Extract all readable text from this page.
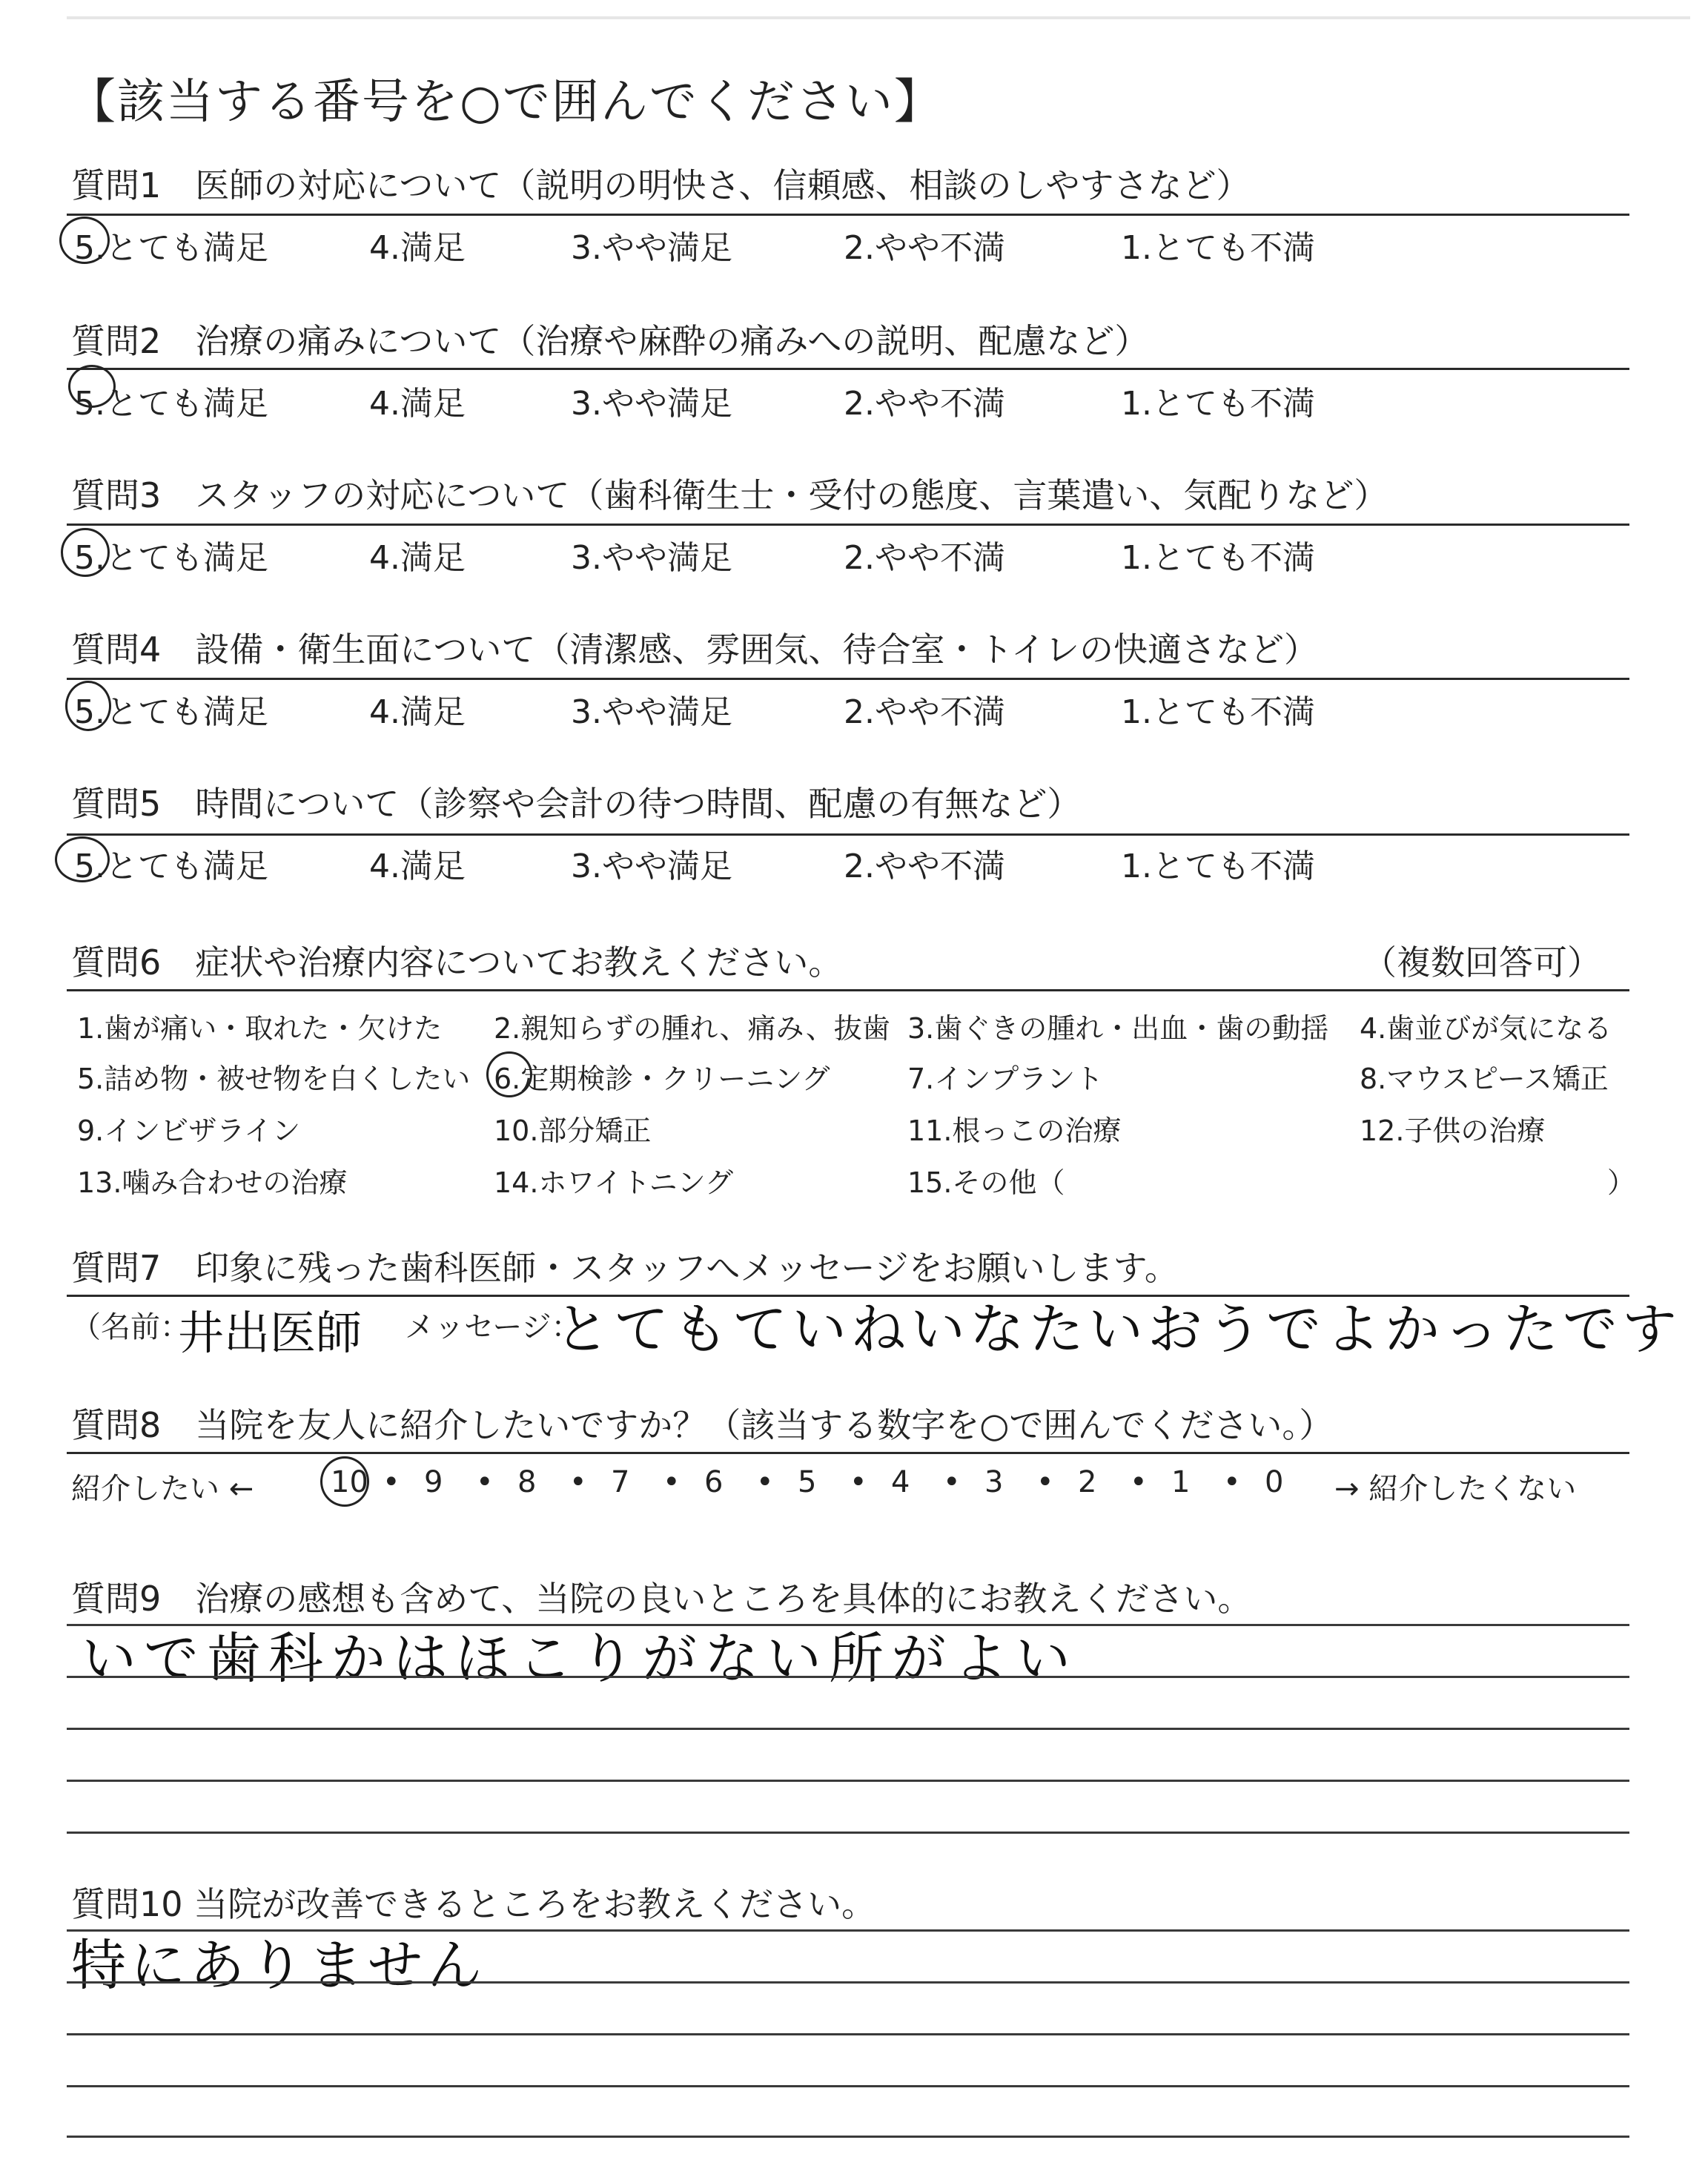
【該当する番号を○で囲んでください】
質問1　医師の対応について（説明の明快さ、信頼感、相談のしやすさなど）
5.とても満足	4.満足	3.やや満足	2.やや不満	1.とても不満
質問2　治療の痛みについて（治療や麻酔の痛みへの説明、配慮など）
5.とても満足	4.満足	3.やや満足	2.やや不満	1.とても不満
質問3　スタッフの対応について（歯科衛生士・受付の態度、言葉遣い、気配りなど）
5.とても満足	4.満足	3.やや満足	2.やや不満	1.とても不満
質問4　設備・衛生面について（清潔感、雰囲気、待合室・トイレの快適さなど）
5.とても満足	4.満足	3.やや満足	2.やや不満	1.とても不満
質問5　時間について（診察や会計の待つ時間、配慮の有無など）
5.とても満足	4.満足	3.やや満足	2.やや不満	1.とても不満
質問6　症状や治療内容についてお教えください。	（複数回答可）
1.歯が痛い・取れた・欠けた 2.親知らずの腫れ、痛み、抜歯 3.歯ぐきの腫れ・出血・歯の動揺 4.歯並びが気になる
5.詰め物・被せ物を白くしたい 6.定期検診・クリーニング	7.インプラント	8.マウスピース矯正
9.インビザライン	10.部分矯正	11.根っこの治療	12.子供の治療
13.噛み合わせの治療	14.ホワイトニング	15.その他（	）
質問7　印象に残った歯科医師・スタッフへメッセージをお願いします。
（名前：
井出医師 メッセージ：
とてもていねいなたいおうでよかったです
質問8　当院を友人に紹介したいですか？（該当する数字を○で囲んでください。）
紹介したい ←	10 • 9 • 8 • 7 • 6 • 5 • 4 • 3 • 2 • 1 • 0 → 紹介したくない
質問9　治療の感想も含めて、当院の良いところを具体的にお教えください。
いで歯科かはほこりがない所がよい
質問10 当院が改善できるところをお教えください。
特にありません
